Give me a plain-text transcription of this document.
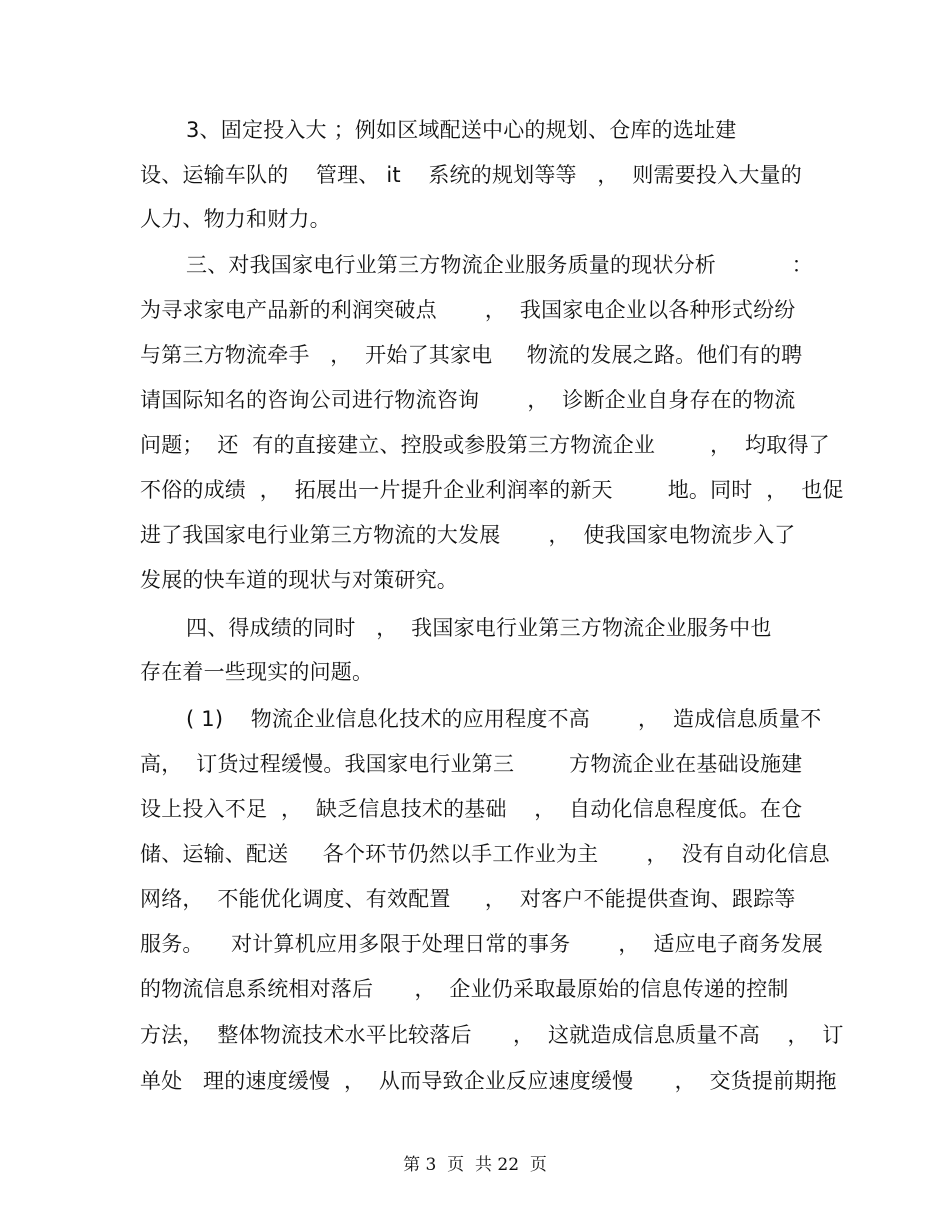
3、固定投入大 ；例如区域配送中心的规划、仓库的选址建
设、运输车队的    管理、 it    系统的规划等等   ，  则需要投入大量的
人力、物力和财力。
三、对我国家电行业第三方物流企业服务质量的现状分析           ：
为寻求家电产品新的利润突破点       ，  我国家电企业以各种形式纷纷
与第三方物流牵手   ，  开始了其家电     物流的发展之路。他们有的聘
请国际知名的咨询公司进行物流咨询       ，  诊断企业自身存在的物流
问题；  还  有的直接建立、控股或参股第三方物流企业        ，  均取得了
不俗的成绩  ，  拓展出一片提升企业利润率的新天        地。同时  ，  也促
进了我国家电行业第三方物流的大发展       ，  使我国家电物流步入了
发展的快车道的现状与对策研究。
四、得成绩的同时   ，  我国家电行业第三方物流企业服务中也
存在着一些现实的问题。
( 1)    物流企业信息化技术的应用程度不高       ，  造成信息质量不
高，  订货过程缓慢。我国家电行业第三        方物流企业在基础设施建
设上投入不足  ，  缺乏信息技术的基础    ，  自动化信息程度低。在仓
储、运输、配送     各个环节仍然以手工作业为主       ，  没有自动化信息
网络，  不能优化调度、有效配置     ，  对客户不能提供查询、跟踪等
服务。    对计算机应用多限于处理日常的事务       ，  适应电子商务发展
的物流信息系统相对落后      ，  企业仍采取最原始的信息传递的控制
方法，  整体物流技术水平比较落后      ，  这就造成信息质量不高    ，  订
单处   理的速度缓慢  ，  从而导致企业反应速度缓慢      ，  交货提前期拖
第 3  页  共 22  页
